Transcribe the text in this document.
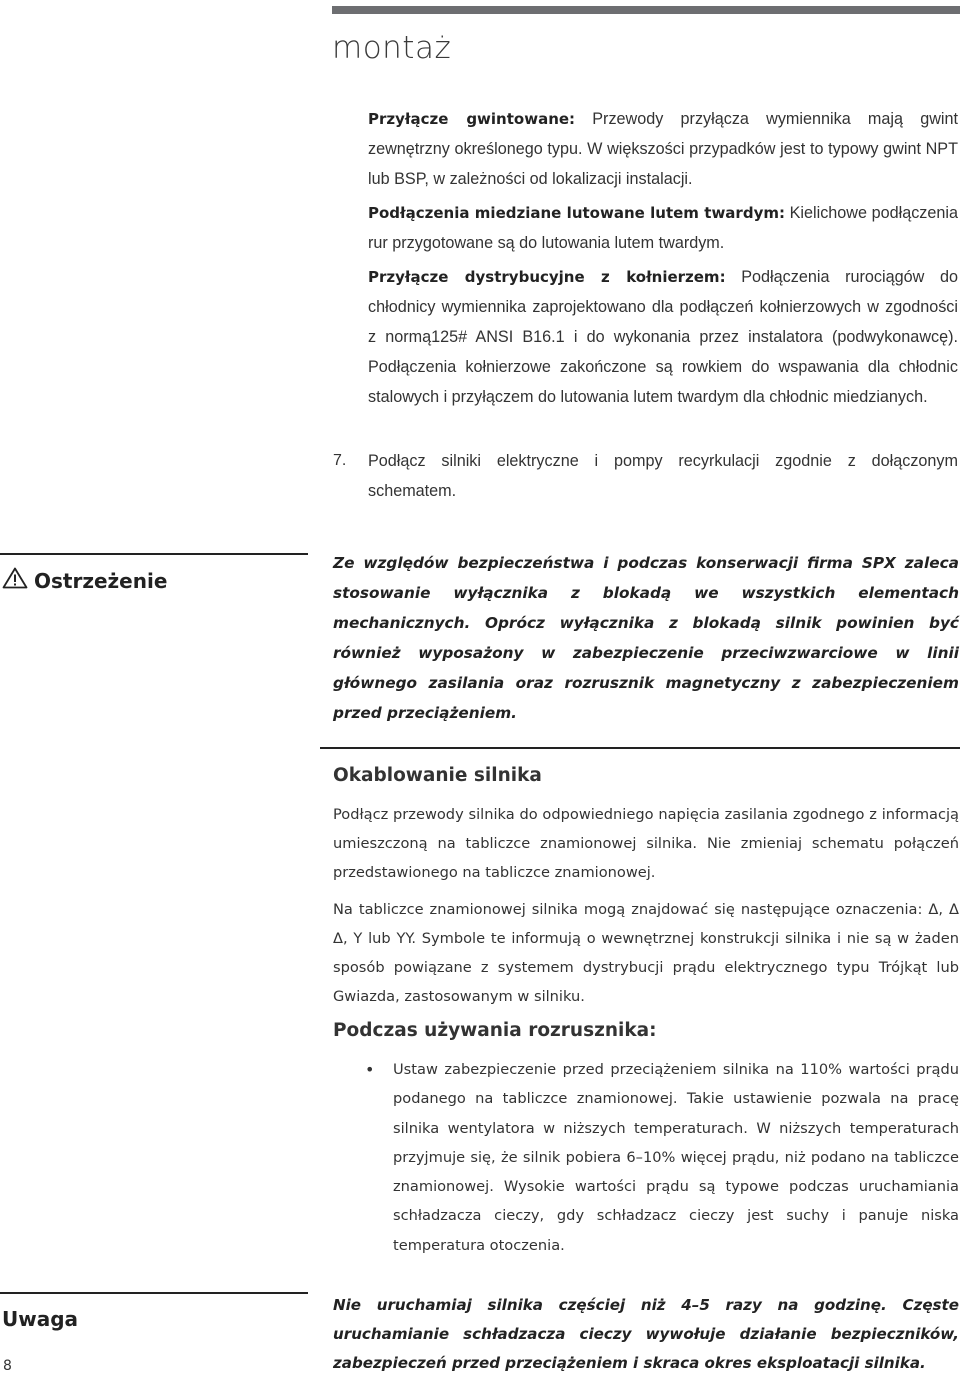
montaż
Przyłącze gwintowane: Przewody przyłącza wymiennika mają gwint zewnętrzny określonego typu. W większości przypadków jest to typowy gwint NPT lub BSP, w zależności od lokalizacji instalacji.
Podłączenia miedziane lutowane lutem twardym: Kielichowe podłączenia rur przygotowane są do lutowania lutem twardym.
Przyłącze dystrybucyjne z kołnierzem: Podłączenia rurociągów do chłodnicy wymiennika zaprojektowano dla podłączeń kołnierzowych w zgodności z normą125# ANSI B16.1 i do wykonania przez instalatora (podwykonawcę). Podłączenia kołnierzowe zakończone są rowkiem do wspawania dla chłodnic stalowych i przyłączem do lutowania lutem twardym dla chłodnic miedzianych.
7. Podłącz silniki elektryczne i pompy recyrkulacji zgodnie z dołączonym schematem.
Ostrzeżenie
Ze względów bezpieczeństwa i podczas konserwacji firma SPX zaleca stosowanie wyłącznika z blokadą we wszystkich elementach mechanicznych. Oprócz wyłącznika z blokadą silnik powinien być również wyposażony w zabezpieczenie przeciwzwarciowe w linii głównego zasilania oraz rozrusznik magnetyczny z zabezpieczeniem przed przeciążeniem.
Okablowanie silnika
Podłącz przewody silnika do odpowiedniego napięcia zasilania zgodnego z informacją umieszczoną na tabliczce znamionowej silnika. Nie zmieniaj schematu połączeń przedstawionego na tabliczce znamionowej.
Na tabliczce znamionowej silnika mogą znajdować się następujące oznaczenia: Δ, Δ Δ, Y lub YY. Symbole te informują o wewnętrznej konstrukcji silnika i nie są w żaden sposób powiązane z systemem dystrybucji prądu elektrycznego typu Trójkąt lub Gwiazda, zastosowanym w silniku.
Podczas używania rozrusznika:
• Ustaw zabezpieczenie przed przeciążeniem silnika na 110% wartości prądu podanego na tabliczce znamionowej. Takie ustawienie pozwala na pracę silnika wentylatora w niższych temperaturach. W niższych temperaturach przyjmuje się, że silnik pobiera 6–10% więcej prądu, niż podano na tabliczce znamionowej. Wysokie wartości prądu są typowe podczas uruchamiania schładzacza cieczy, gdy schładzacz cieczy jest suchy i panuje niska temperatura otoczenia.
Uwaga
Nie uruchamiaj silnika częściej niż 4–5 razy na godzinę. Częste uruchamianie schładzacza cieczy wywołuje działanie bezpieczników, zabezpieczeń przed przeciążeniem i skraca okres eksploatacji silnika.
8
